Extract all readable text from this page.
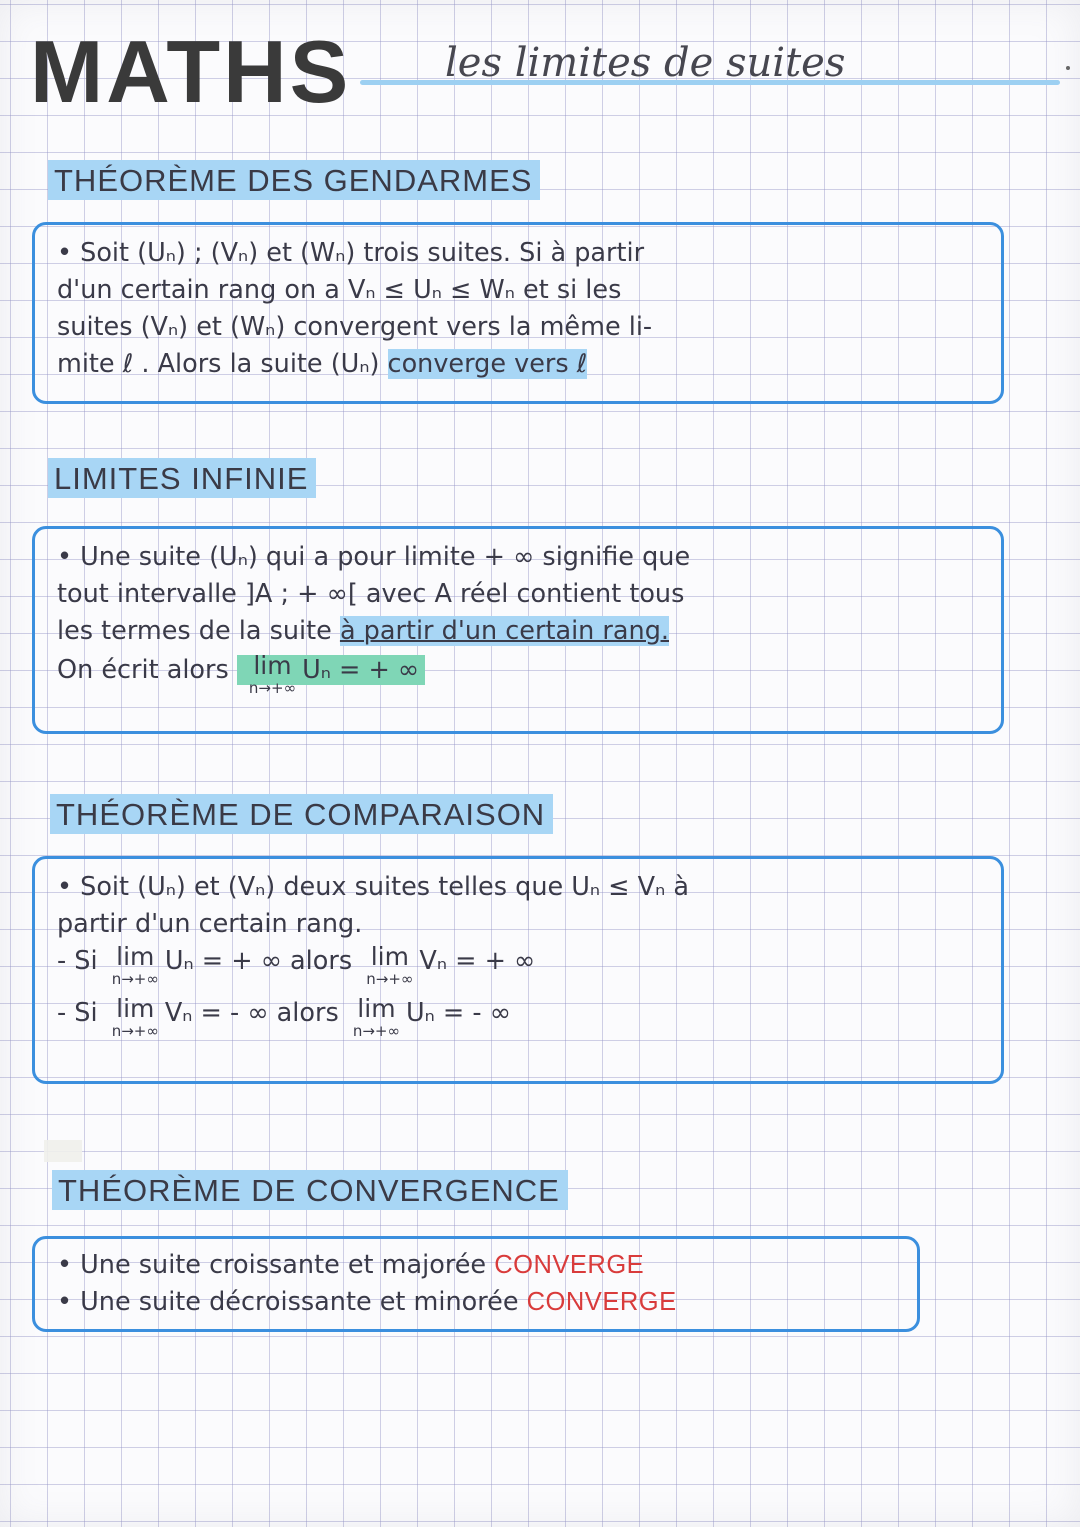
MATHS les limites de suites
THÉORÈME DES GENDARMES

• Soit (Uₙ) ; (Vₙ) et (Wₙ) trois suites. Si à partir

d'un certain rang on a Vₙ ≤ Uₙ ≤ Wₙ et si les

suites (Vₙ) et (Wₙ) convergent vers la même li-

mite ℓ . Alors la suite (Uₙ) converge vers ℓ

LIMITES INFINIE

• Une suite (Uₙ) qui a pour limite + ∞ signifie que

tout intervalle ]A ; + ∞[ avec A réel contient tous

les termes de la suite à partir d'un certain rang.

On écrit alors lim
n→+∞
Uₙ = + ∞

THÉORÈME DE COMPARAISON

• Soit (Uₙ) et (Vₙ) deux suites telles que Uₙ ≤ Vₙ à

partir d'un certain rang.

- Si lim
n→+∞
Uₙ = + ∞ alors lim
n→+∞
Vₙ = + ∞

- Si lim
n→+∞
Vₙ = - ∞ alors lim
n→+∞
Uₙ = - ∞

THÉORÈME DE CONVERGENCE

• Une suite croissante et majorée CONVERGE

• Une suite décroissante et minorée CONVERGE
